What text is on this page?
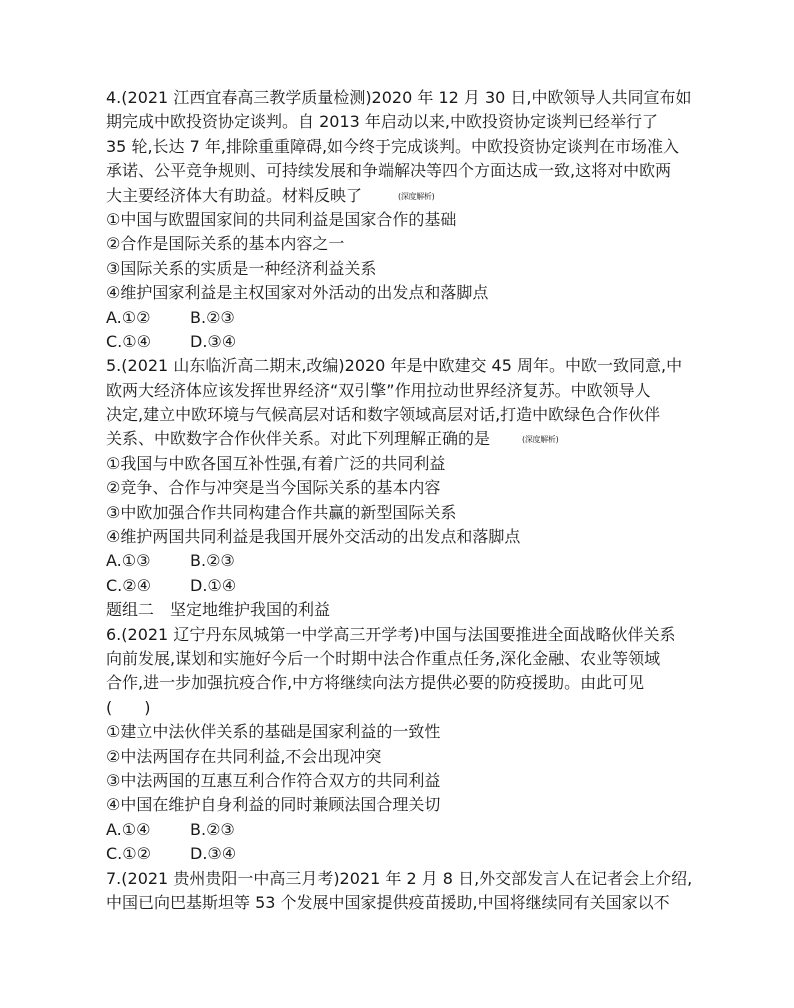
4.(2021 江西宜春高三教学质量检测)2020 年 12 月 30 日,中欧领导人共同宣布如
期完成中欧投资协定谈判。自 2013 年启动以来,中欧投资协定谈判已经举行了
35 轮,长达 7 年,排除重重障碍,如今终于完成谈判。中欧投资协定谈判在市场准入
承诺、公平竞争规则、可持续发展和争端解决等四个方面达成一致,这将对中欧两
大主要经济体大有助益。材料反映了	(深度解析)
①中国与欧盟国家间的共同利益是国家合作的基础
②合作是国际关系的基本内容之一
③国际关系的实质是一种经济利益关系
④维护国家利益是主权国家对外活动的出发点和落脚点
A.①② B.②③
C.①④ D.③④
5.(2021 山东临沂高二期末,改编)2020 年是中欧建交 45 周年。中欧一致同意,中
欧两大经济体应该发挥世界经济“双引擎”作用拉动世界经济复苏。中欧领导人
决定,建立中欧环境与气候高层对话和数字领域高层对话,打造中欧绿色合作伙伴
关系、中欧数字合作伙伴关系。对此下列理解正确的是	(深度解析)
①我国与中欧各国互补性强,有着广泛的共同利益
②竞争、合作与冲突是当今国际关系的基本内容
③中欧加强合作共同构建合作共赢的新型国际关系
④维护两国共同利益是我国开展外交活动的出发点和落脚点
A.①③ B.②③
C.②④ D.①④
题组二　坚定地维护我国的利益
6.(2021 辽宁丹东凤城第一中学高三开学考)中国与法国要推进全面战略伙伴关系
向前发展,谋划和实施好今后一个时期中法合作重点任务,深化金融、农业等领域
合作,进一步加强抗疫合作,中方将继续向法方提供必要的防疫援助。由此可见
(　　)
①建立中法伙伴关系的基础是国家利益的一致性
②中法两国存在共同利益,不会出现冲突
③中法两国的互惠互利合作符合双方的共同利益
④中国在维护自身利益的同时兼顾法国合理关切
A.①④ B.②③
C.①② D.③④
7.(2021 贵州贵阳一中高三月考)2021 年 2 月 8 日,外交部发言人在记者会上介绍,
中国已向巴基斯坦等 53 个发展中国家提供疫苗援助,中国将继续同有关国家以不
